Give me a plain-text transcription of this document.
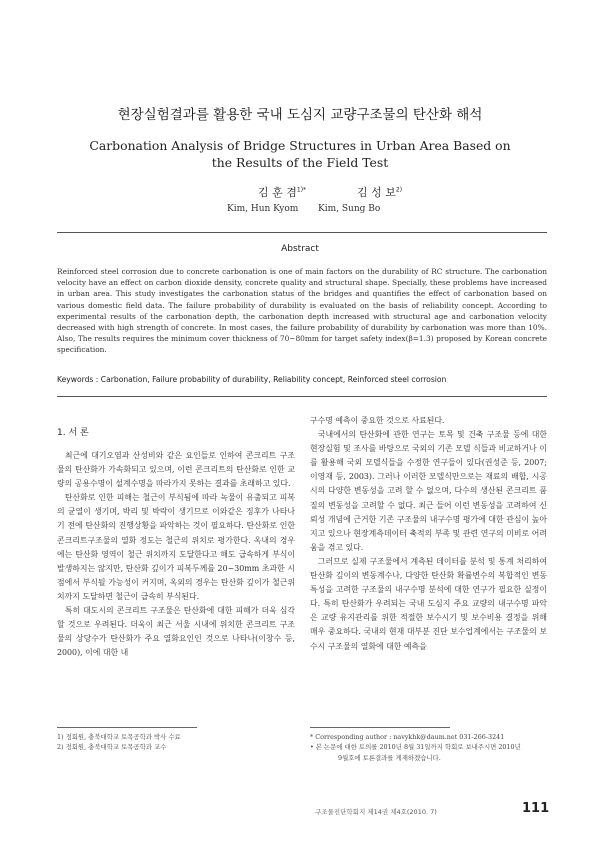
현장실험결과를 활용한 국내 도심지 교량구조물의 탄산화 해석
Carbonation Analysis of Bridge Structures in Urban Area Based on
the Results of the Field Test
김 훈 겸$^{1)*}$	김 성 보$^{2)}$
Kim, Hun Kyom Kim, Sung Bo
Abstract
Reinforced steel corrosion due to concrete carbonation is one of main factors on the durability of RC structure. The carbonation velocity have an effect on carbon dioxide density, concrete quality and structural shape. Specially, these problems have increased in urban area. This study investigates the carbonation status of the bridges and quantifies the effect of carbonation based on various domestic field data. The failure probability of durability is evaluated on the basis of reliability concept. According to experimental results of the carbonation depth, the carbonation depth increased with structural age and carbonation velocity decreased with high strength of concrete. In most cases, the failure probability of durability by carbonation was more than 10%. Also, The results requires the minimum cover thickness of 70~80mm for target safety index(β=1.3) proposed by Korean concrete specification.
Keywords : Carbonation, Failure probability of durability, Reliability concept, Reinforced steel corrosion
1. 서 론

최근에 대기오염과 산성비와 같은 요인들로 인하여 콘크리트 구조물의 탄산화가 가속화되고 있으며, 이런 콘크리트의 탄산화로 인한 교량의 공용수명이 설계수명을 따라가지 못하는 결과를 초래하고 있다.

탄산화로 인한 피해는 철근이 부식됨에 따라 녹물이 유출되고 피복의 균열이 생기며, 박리 및 박락이 생기므로 이와같은 징후가 나타나기 전에 탄산화의 진행상황을 파악하는 것이 필요하다. 탄산화로 인한 콘크리트구조물의 열화 정도는 철근의 위치로 평가한다. 옥내의 경우에는 탄산화 영역이 철근 위치까지 도달한다고 해도 급속하게 부식이 발생하지는 않지만, 탄산화 깊이가 피복두께를 20~30mm 초과한 시점에서 부식될 가능성이 커지며, 옥외의 경우는 탄산화 깊이가 철근위치까지 도달하면 철근이 급속히 부식된다.

특히 대도시의 콘크리트 구조물은 탄산화에 대한 피해가 더욱 심각할 것으로 우려된다. 더욱이 최근 서울 시내에 위치한 콘크리트 구조물의 상당수가 탄산화가 주요 열화요인인 것으로 나타나(이창수 등, 2000), 이에 대한 내

구수명 예측이 중요한 것으로 사료된다.

국내에서의 탄산화에 관한 연구는 토목 및 건축 구조물 등에 대한 현장실험 및 조사를 바탕으로 국외의 기존 모델 식들과 비교하거나 이를 활용해 국외 모델식들을 수정한 연구들이 있다(권성준 등, 2007; 이영재 등, 2003). 그러나 이러한 모델식만으로는 재료의 배합, 시공시의 다양한 변동성을 고려 할 수 없으며, 다수의 생산된 콘크리트 품질의 변동성을 고려할 수 없다. 최근 들어 이런 변동성을 고려하여 신뢰성 개념에 근거한 기존 구조물의 내구수명 평가에 대한 관심이 높아지고 있으나 현장계측데이터 축적의 부족 및 관련 연구의 미비로 어려움을 겪고 있다.

그러므로 실제 구조물에서 계측된 데이터를 분석 및 통계 처리하여 탄산화 깊이의 변동계수나, 다양한 탄산화 확률변수의 복합적인 변동특성을 고려한 구조물의 내구수명 분석에 대한 연구가 필요한 실정이다. 특히 탄산화가 우려되는 국내 도심지 주요 교량의 내구수명 파악은 교량 유지관리를 위한 적절한 보수시기 및 보수비용 결정을 위해 매우 중요하다. 국내의 현재 대부분 진단 보수업계에서는 구조물의 보수시 구조물의 열화에 대한 예측을

1) 정회원, 충북대학교 토목공학과 박사 수료
2) 정회원, 충북대학교 토목공학과 교수
* Corresponding author : navykhk@daum.net 031-266-3241
• 본 논문에 대한 토의를 2010년 8월 31일까지 학회로 보내주시면 2010년
9월호에 토론결과를 게재하겠습니다.
구조물진단학회지 제14권 제4호(2010. 7)	111
